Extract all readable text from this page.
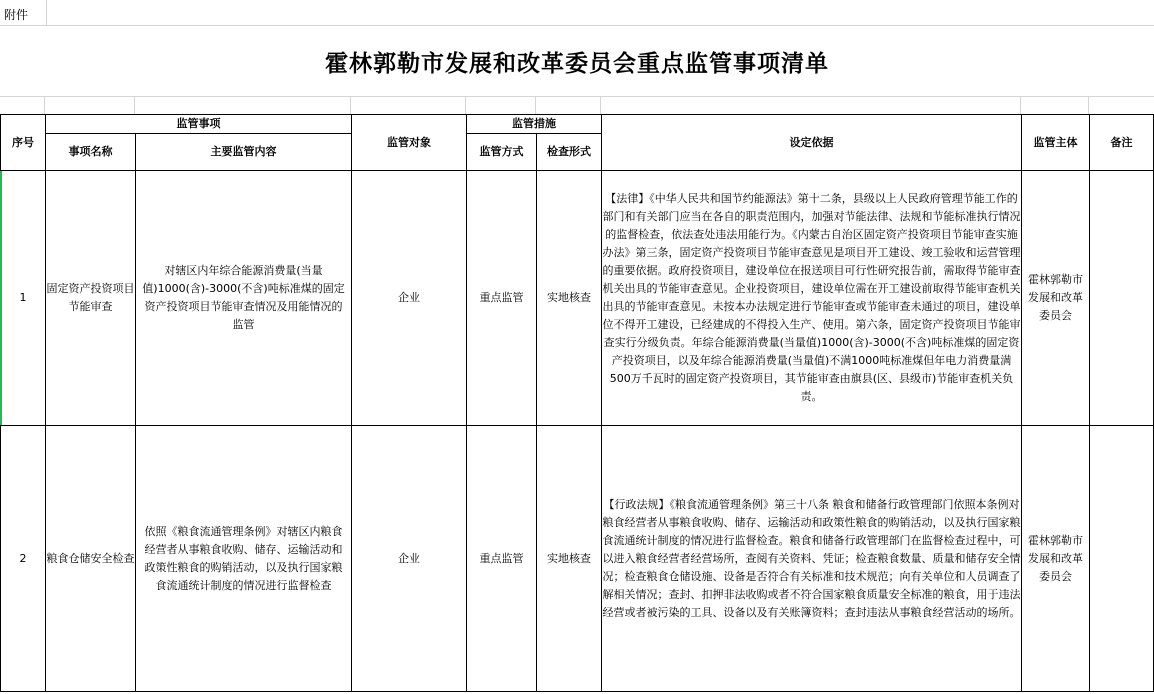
附件
霍林郭勒市发展和改革委员会重点监管事项清单
序号	监管事项		监管对象	监管措施		设定依据	监管主体	备注
	事项名称	主要监管内容		监管方式	检查形式			
1	固定资产投资项目节能审查	对辖区内年综合能源消费量(当量值)1000(含)-3000(不含)吨标准煤的固定资产投资项目节能审查情况及用能情况的监管	企业	重点监管	实地核查	【法律】《中华人民共和国节约能源法》第十二条，县级以上人民政府管理节能工作的部门和有关部门应当在各自的职责范围内，加强对节能法律、法规和节能标准执行情况的监督检查，依法查处违法用能行为。《内蒙古自治区固定资产投资项目节能审查实施办法》第三条，固定资产投资项目节能审查意见是项目开工建设、竣工验收和运营管理的重要依据。政府投资项目，建设单位在报送项目可行性研究报告前，需取得节能审查机关出具的节能审查意见。企业投资项目，建设单位需在开工建设前取得节能审查机关出具的节能审查意见。未按本办法规定进行节能审查或节能审查未通过的项目，建设单位不得开工建设，已经建成的不得投入生产、使用。第六条，固定资产投资项目节能审查实行分级负责。年综合能源消费量(当量值)1000(含)-3000(不含)吨标准煤的固定资产投资项目，以及年综合能源消费量(当量值)不满1000吨标准煤但年电力消费量满500万千瓦时的固定资产投资项目，其节能审查由旗县(区、县级市)节能审查机关负责。	霍林郭勒市发展和改革委员会	
2	粮食仓储安全检查	依照《粮食流通管理条例》对辖区内粮食经营者从事粮食收购、储存、运输活动和政策性粮食的购销活动，以及执行国家粮食流通统计制度的情况进行监督检查	企业	重点监管	实地核查	【行政法规】《粮食流通管理条例》第三十八条 粮食和储备行政管理部门依照本条例对粮食经营者从事粮食收购、储存、运输活动和政策性粮食的购销活动，以及执行国家粮食流通统计制度的情况进行监督检查。粮食和储备行政管理部门在监督检查过程中，可以进入粮食经营者经营场所，查阅有关资料、凭证；检查粮食数量、质量和储存安全情况；检查粮食仓储设施、设备是否符合有关标准和技术规范；向有关单位和人员调查了解相关情况；查封、扣押非法收购或者不符合国家粮食质量安全标准的粮食，用于违法经营或者被污染的工具、设备以及有关账簿资料；查封违法从事粮食经营活动的场所。	霍林郭勒市发展和改革委员会	
